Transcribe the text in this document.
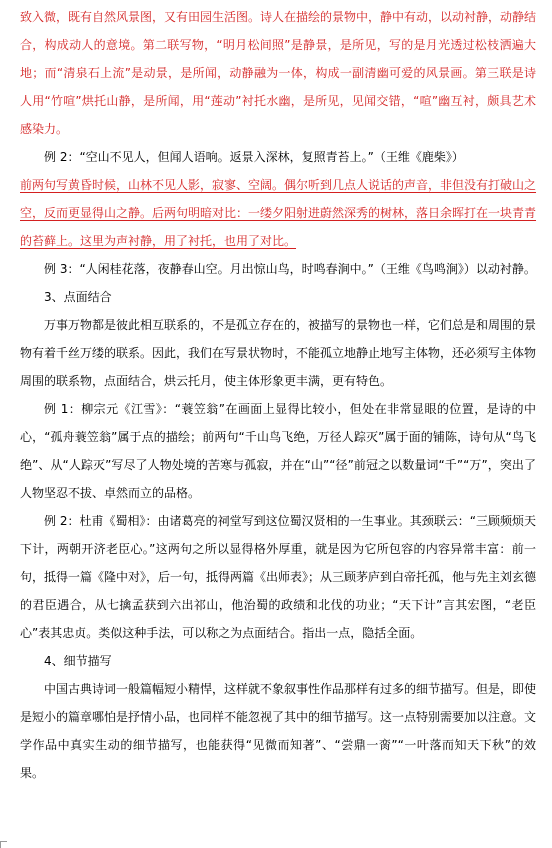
致入微，既有自然风景图，又有田园生活图。诗人在描绘的景物中，静中有动，以动衬静，动静结合，构成动人的意境。第二联写物，“明月松间照”是静景，是所见，写的是月光透过松枝洒遍大地；而“清泉石上流”是动景，是所闻，动静融为一体，构成一副清幽可爱的风景画。第三联是诗人用“竹喧”烘托山静，是所闻，用“莲动”衬托水幽，是所见，见闻交错，“喧”幽互衬，颇具艺术感染力。

例 2：“空山不见人，但闻人语响。返景入深林，复照青苔上。”（王维《鹿柴》）

前两句写黄昏时候，山林不见人影，寂寥、空阔。偶尔听到几点人说话的声音，非但没有打破山之空，反而更显得山之静。后两句明暗对比：一缕夕阳射进蔚然深秀的树林，落日余晖打在一块青青的苔藓上。这里为声衬静，用了衬托，也用了对比。

例 3：“人闲桂花落，夜静春山空。月出惊山鸟，时鸣春涧中。”（王维《鸟鸣涧》）以动衬静。

3、点面结合

万事万物都是彼此相互联系的，不是孤立存在的，被描写的景物也一样，它们总是和周围的景物有着千丝万缕的联系。因此，我们在写景状物时，不能孤立地静止地写主体物，还必须写主体物周围的联系物，点面结合，烘云托月，使主体形象更丰满，更有特色。

例 1：柳宗元《江雪》：“蓑笠翁”在画面上显得比较小，但处在非常显眼的位置，是诗的中心，“孤舟蓑笠翁”属于点的描绘；前两句“千山鸟飞绝，万径人踪灭”属于面的铺陈，诗句从“鸟飞绝”、从“人踪灭”写尽了人物处境的苦寒与孤寂，并在“山”“径”前冠之以数量词“千”“万”，突出了人物坚忍不拔、卓然而立的品格。

例 2：杜甫《蜀相》：由诸葛亮的祠堂写到这位蜀汉贤相的一生事业。其颈联云：“三顾频烦天下计，两朝开济老臣心。”这两句之所以显得格外厚重，就是因为它所包容的内容异常丰富：前一句，抵得一篇《隆中对》，后一句，抵得两篇《出师表》；从三顾茅庐到白帝托孤，他与先主刘玄德的君臣遇合，从七擒孟获到六出祁山，他治蜀的政绩和北伐的功业；“天下计”言其宏图，“老臣心”表其忠贞。类似这种手法，可以称之为点面结合。指出一点，隐括全面。

4、细节描写

中国古典诗词一般篇幅短小精悍，这样就不象叙事性作品那样有过多的细节描写。但是，即使是短小的篇章哪怕是抒情小品，也同样不能忽视了其中的细节描写。这一点特别需要加以注意。文学作品中真实生动的细节描写，也能获得“见微而知著”、“尝鼎一脔”“一叶落而知天下秋”的效果。
